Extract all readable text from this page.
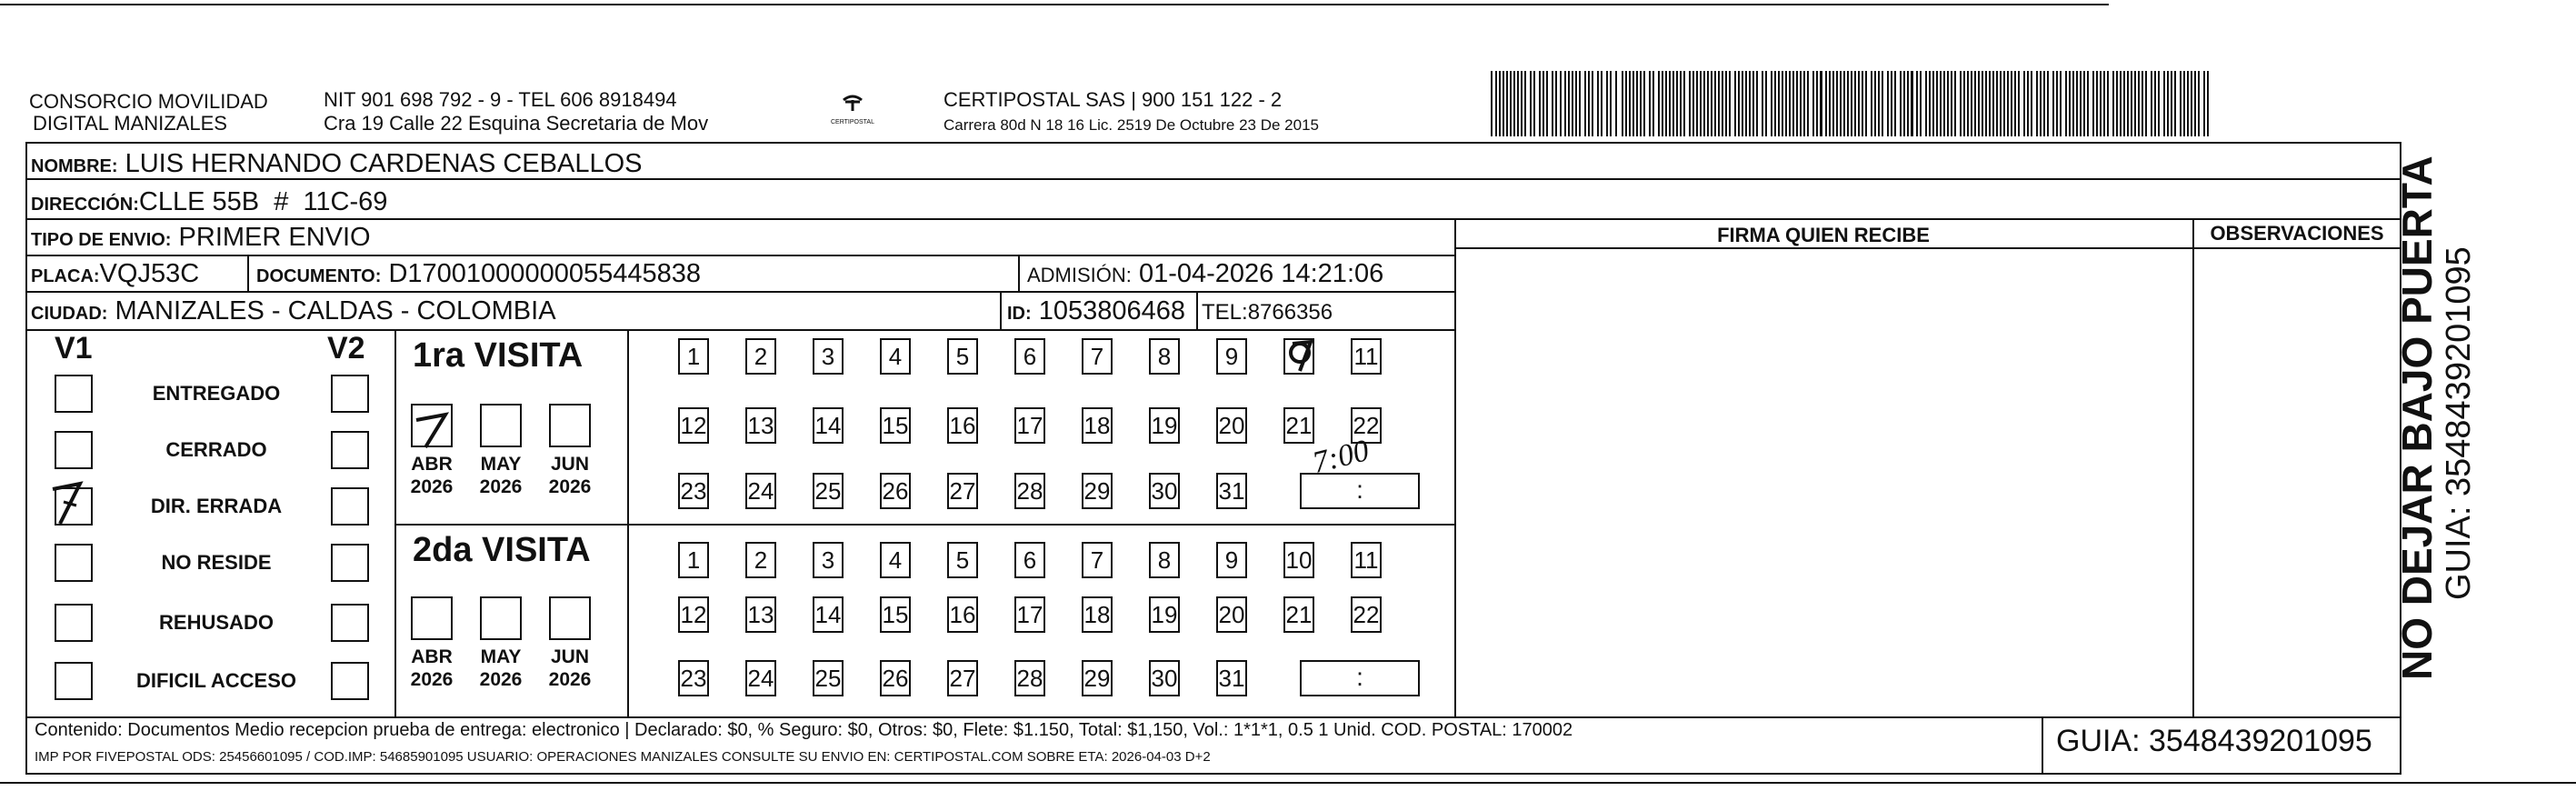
CONSORCIO MOVILIDAD
DIGITAL MANIZALES
NIT 901 698 792 - 9 - TEL 606 8918494
Cra 19 Calle 22 Esquina Secretaria de Mov	CERTIPOSTAL
CERTIPOSTAL SAS | 900 151 122 - 2
Carrera 80d N 18 16 Lic. 2519 De Octubre 23 De 2015
NOMBRE: LUIS HERNANDO CARDENAS CEBALLOS
DIRECCIÓN:CLLE 55B  #  11C-69
TIPO DE ENVIO: PRIMER ENVIO
PLACA:VQJ53C	DOCUMENTO: D17001000000055445838	ADMISIÓN: 01-04-2026 14:21:06
CIUDAD: MANIZALES - CALDAS - COLOMBIA	ID: 1053806468 TEL:8766356
FIRMA QUIEN RECIBE	OBSERVACIONES
V1	V2
ENTREGADO
CERRADO
DIR. ERRADA
NO RESIDE
REHUSADO
DIFICIL ACCESO
1ra VISITA
2da VISITA
ABR
2026
MAY
2026
JUN
2026
ABR
2026
MAY
2026
JUN
2026
1	2	3	4	5	6	7	8	9	11
12 13 14 15 16 17 18 19 20 21 22
23 24 25 26 27 28 29 30 31	:
7:00
1	2	3	4	5	6	7	8	9	10 11
12 13 14 15 16 17 18 19 20 21 22
23 24 25 26 27 28 29 30 31	:
Contenido: Documentos Medio recepcion prueba de entrega: electronico | Declarado: $0, % Seguro: $0, Otros: $0, Flete: $1.150, Total: $1,150, Vol.: 1*1*1, 0.5 1 Unid. COD. POSTAL: 170002
IMP POR FIVEPOSTAL ODS: 25456601095 / COD.IMP: 54685901095 USUARIO: OPERACIONES MANIZALES CONSULTE SU ENVIO EN: CERTIPOSTAL.COM SOBRE ETA: 2026-04-03 D+2	GUIA: 3548439201095
NO DEJAR BAJO PUERTA GUIA: 3548439201095
